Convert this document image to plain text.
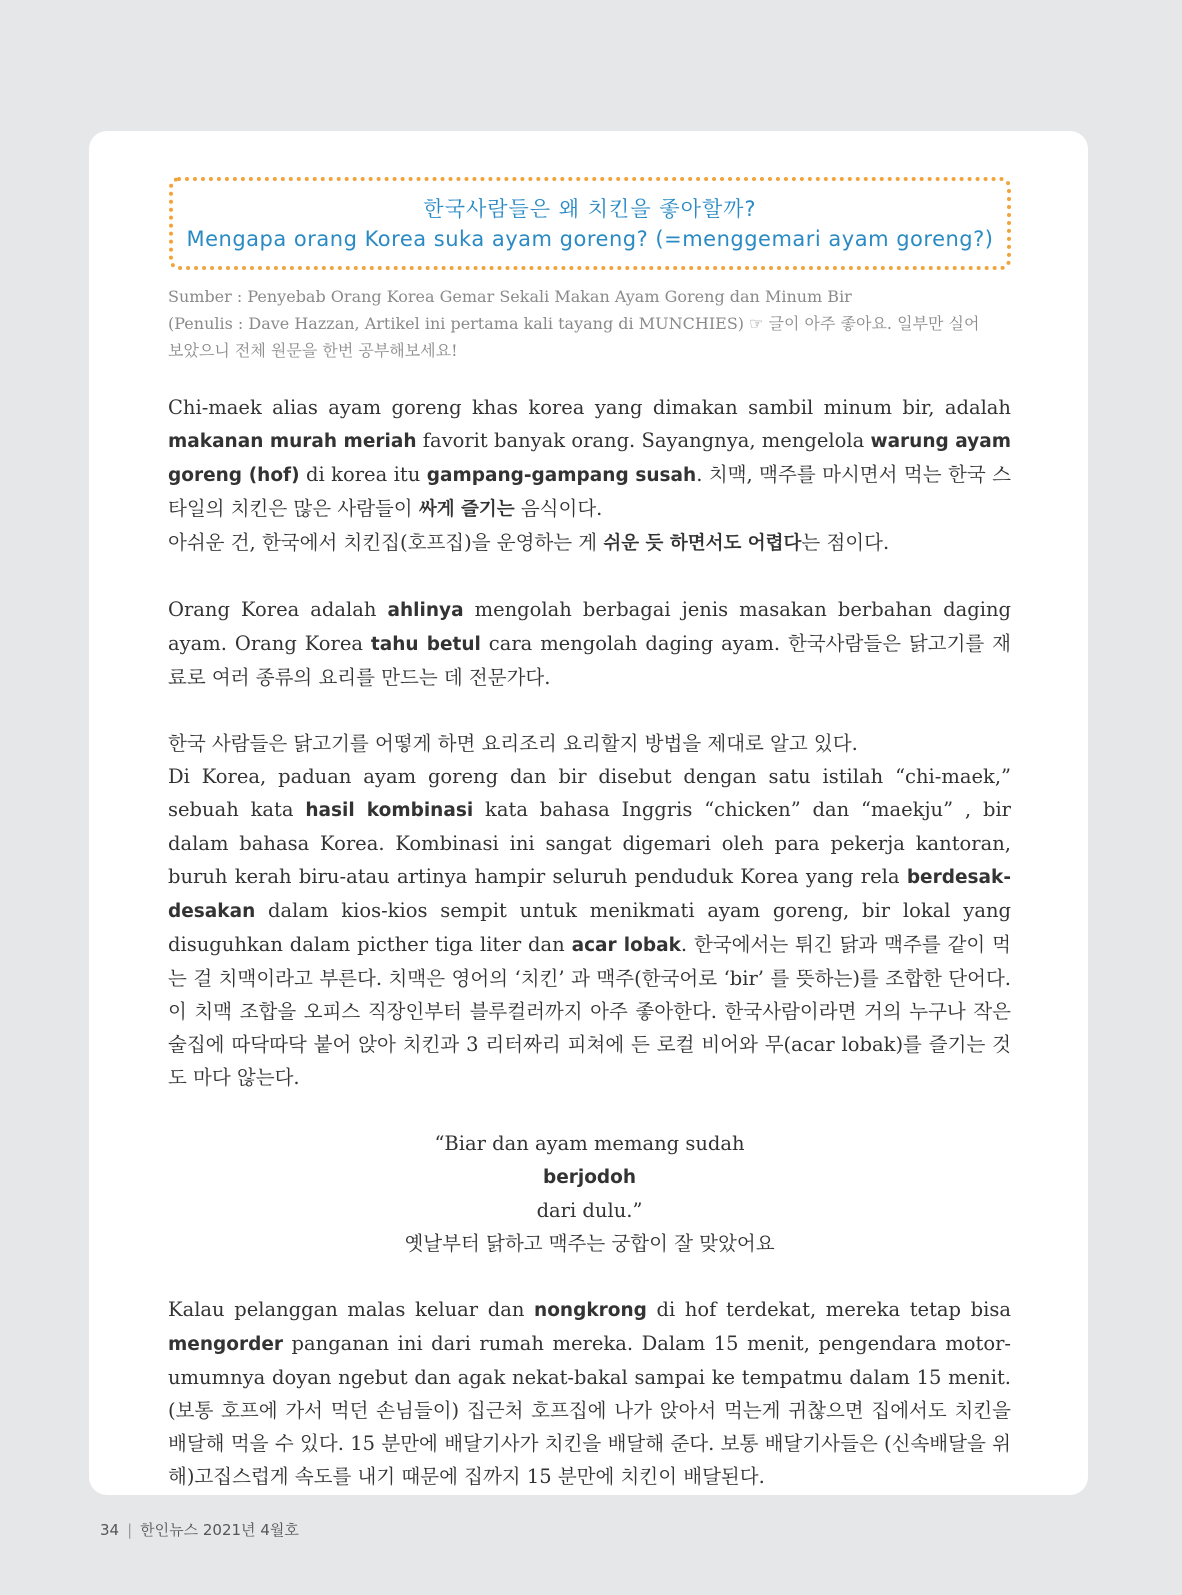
한국사람들은 왜 치킨을 좋아할까?
Mengapa orang Korea suka ayam goreng? (=menggemari ayam goreng?)
Sumber : Penyebab Orang Korea Gemar Sekali Makan Ayam Goreng dan Minum Bir
(Penulis : Dave Hazzan, Artikel ini pertama kali tayang di MUNCHIES) ☞ 글이 아주 좋아요. 일부만 실어
보았으니 전체 원문을 한번 공부해보세요!

Chi-maek alias ayam goreng khas korea yang dimakan sambil minum bir, adalah makanan murah meriah favorit banyak orang. Sayangnya, mengelola warung ayam goreng (hof) di korea itu gampang-gampang susah. 치맥, 맥주를 마시면서 먹는 한국 스타일의 치킨은 많은 사람들이 싸게 즐기는 음식이다.
아쉬운 건, 한국에서 치킨집(호프집)을 운영하는 게 쉬운 듯 하면서도 어렵다는 점이다.

Orang Korea adalah ahlinya mengolah berbagai jenis masakan berbahan daging ayam. Orang Korea tahu betul cara mengolah daging ayam. 한국사람들은 닭고기를 재료로 여러 종류의 요리를 만드는 데 전문가다.

한국 사람들은 닭고기를 어떻게 하면 요리조리 요리할지 방법을 제대로 알고 있다.
Di Korea, paduan ayam goreng dan bir disebut dengan satu istilah “chi-maek,” sebuah kata hasil kombinasi kata bahasa Inggris “chicken” dan “maekju” , bir dalam bahasa Korea. Kombinasi ini sangat digemari oleh para pekerja kantoran, buruh kerah biru-atau artinya hampir seluruh penduduk Korea yang rela berdesak-desakan dalam kios-kios sempit untuk menikmati ayam goreng, bir lokal yang disuguhkan dalam picther tiga liter dan acar lobak. 한국에서는 튀긴 닭과 맥주를 같이 먹는 걸 치맥이라고 부른다. 치맥은 영어의 ‘치킨’ 과 맥주(한국어로 ‘bir’ 를 뜻하는)를 조합한 단어다. 이 치맥 조합을 오피스 직장인부터 블루컬러까지 아주 좋아한다. 한국사람이라면 거의 누구나 작은 술집에 따닥따닥 붙어 앉아 치킨과 3 리터짜리 피쳐에 든 로컬 비어와 무(acar lobak)를 즐기는 것도 마다 않는다.

“Biar dan ayam memang sudah
berjodoh
dari dulu.”
옛날부터 닭하고 맥주는 궁합이 잘 맞았어요

Kalau pelanggan malas keluar dan nongkrong di hof terdekat, mereka tetap bisa mengorder panganan ini dari rumah mereka. Dalam 15 menit, pengendara motor-umumnya doyan ngebut dan agak nekat-bakal sampai ke tempatmu dalam 15 menit. (보통 호프에 가서 먹던 손님들이) 집근처 호프집에 나가 앉아서 먹는게 귀찮으면 집에서도 치킨을 배달해 먹을 수 있다. 15 분만에 배달기사가 치킨을 배달해 준다. 보통 배달기사들은 (신속배달을 위해)고집스럽게 속도를 내기 때문에 집까지 15 분만에 치킨이 배달된다.

34 | 한인뉴스 2021년 4월호
